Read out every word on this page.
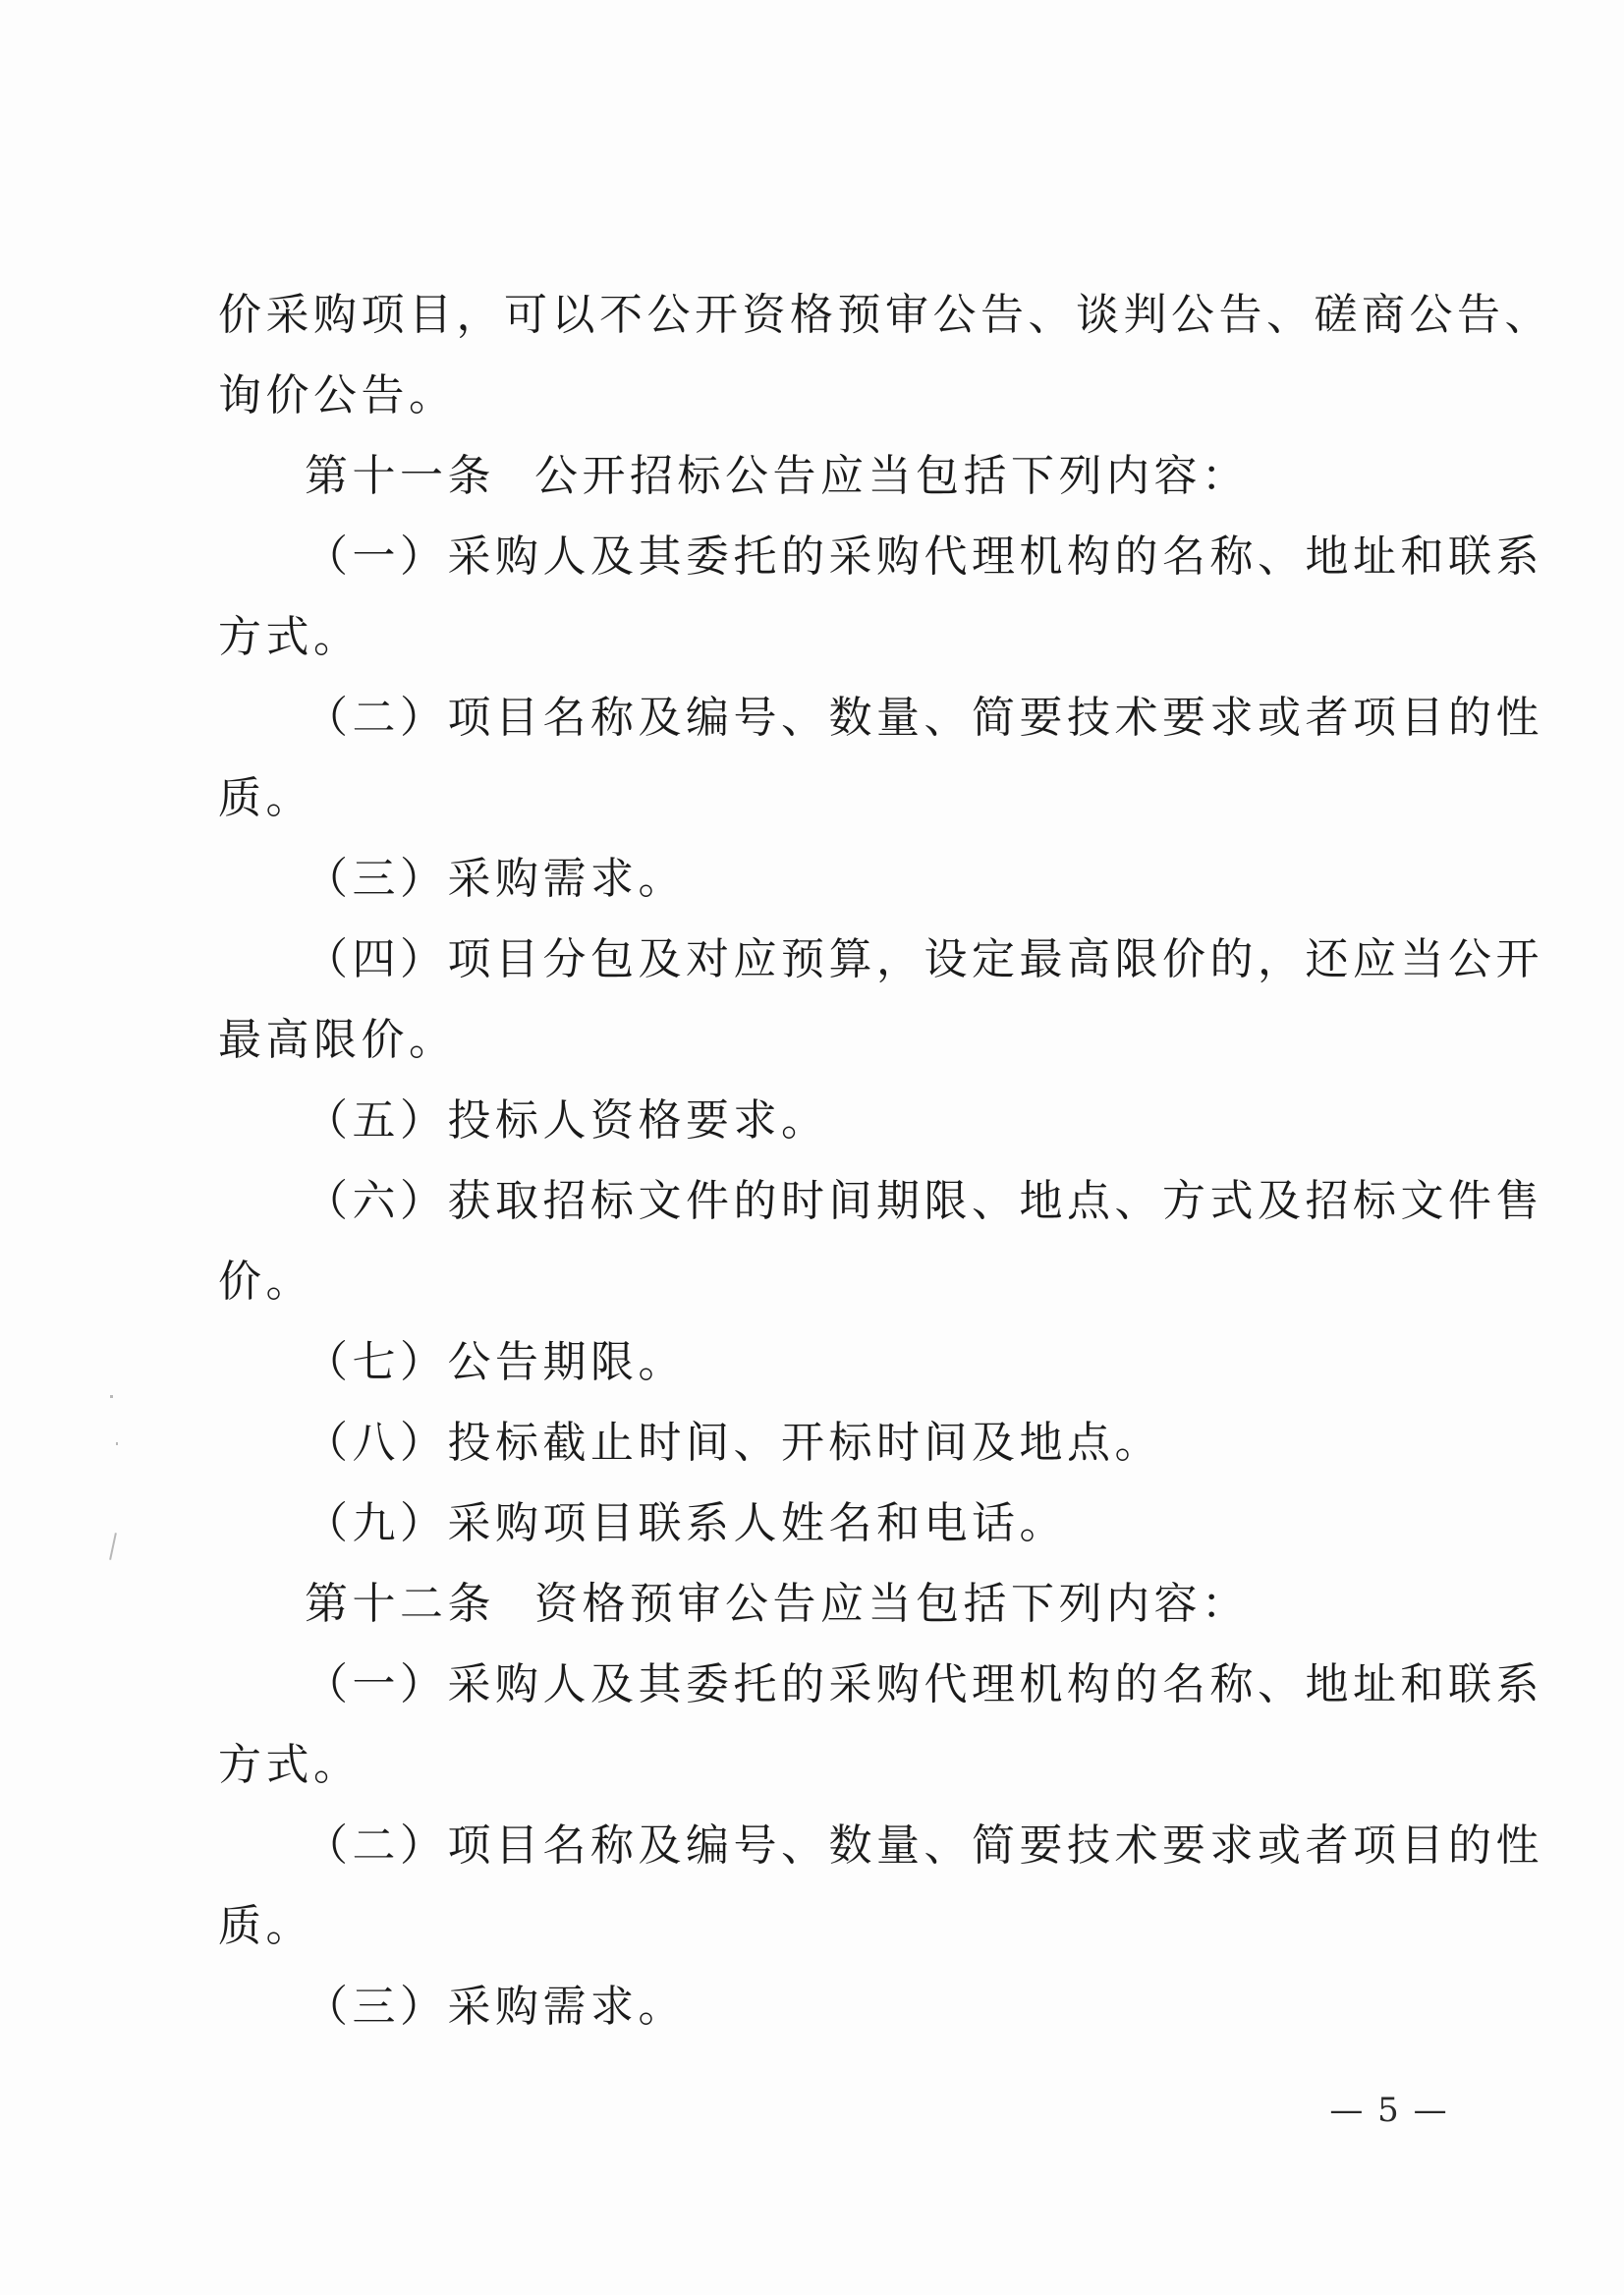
价采购项目，可以不公开资格预审公告、谈判公告、磋商公告、
询价公告。
第十一条 公开招标公告应当包括下列内容：
（一）采购人及其委托的采购代理机构的名称、地址和联系
方式。
（二）项目名称及编号、数量、简要技术要求或者项目的性
质。
（三）采购需求。
（四）项目分包及对应预算，设定最高限价的，还应当公开
最高限价。
（五）投标人资格要求。
（六）获取招标文件的时间期限、地点、方式及招标文件售
价。
（七）公告期限。
（八）投标截止时间、开标时间及地点。
（九）采购项目联系人姓名和电话。
第十二条 资格预审公告应当包括下列内容：
（一）采购人及其委托的采购代理机构的名称、地址和联系
方式。
（二）项目名称及编号、数量、简要技术要求或者项目的性
质。
（三）采购需求。
— 5 —
